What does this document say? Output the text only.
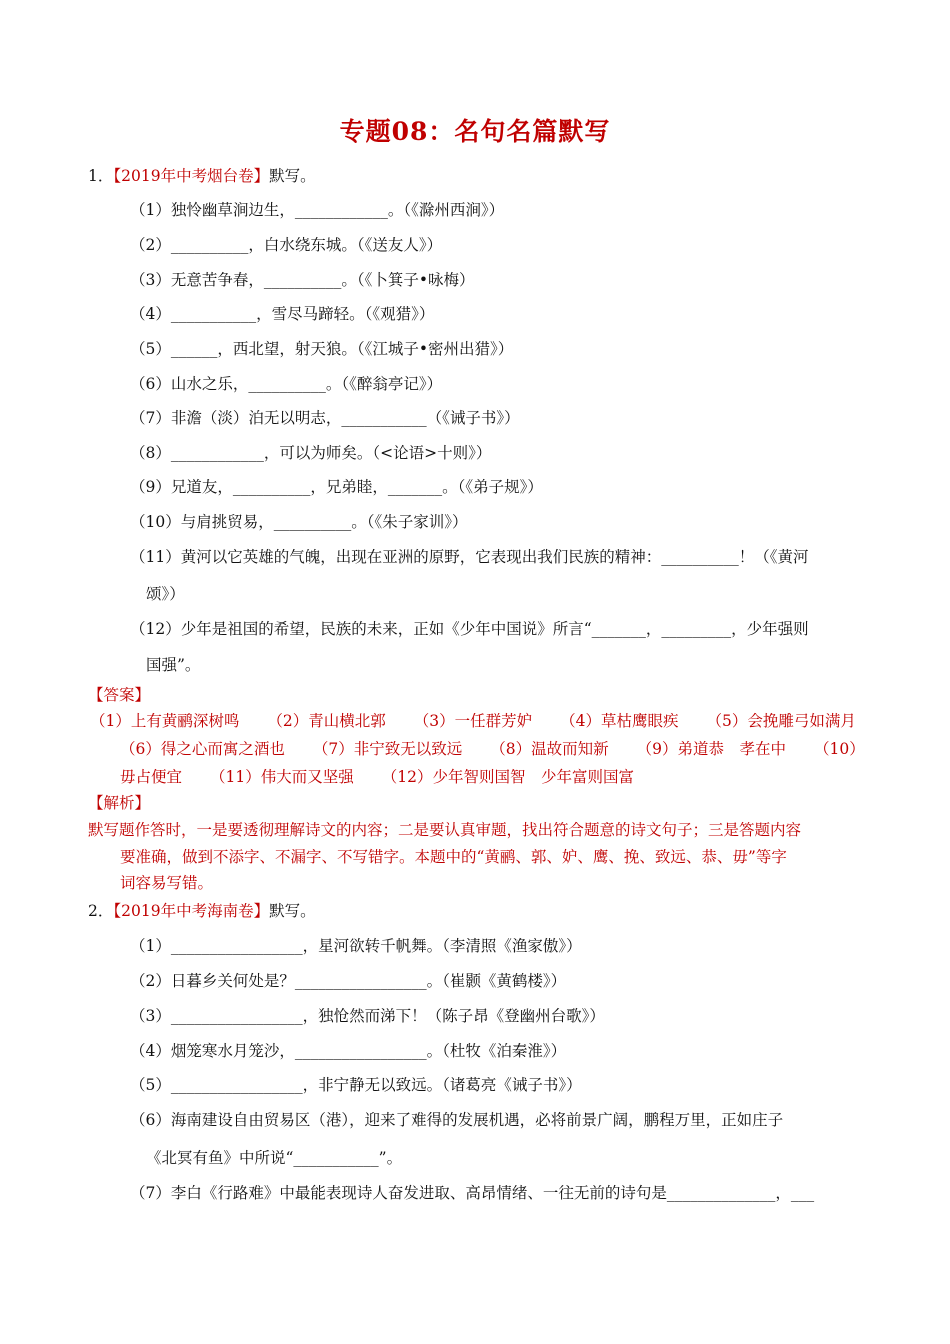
专题08：名句名篇默写
1．【2019年中考烟台卷】默写。
（1）独怜幽草涧边生，____________。（《滁州西涧》）
（2）__________，白水绕东城。（《送友人》）
（3）无意苦争春，__________。（《卜箕子•咏梅）
（4）___________，雪尽马蹄轻。（《观猎》）
（5）______，西北望，射天狼。（《江城子•密州出猎》）
（6）山水之乐，__________。（《醉翁亭记》）
（7）非澹（淡）泊无以明志，___________（《诫子书》）
（8）____________，可以为师矣。（<论语>十则》）
（9）兄道友，__________，兄弟睦，_______。（《弟子规》）
（10）与肩挑贸易，__________。（《朱子家训》）
（11）黄河以它英雄的气魄，出现在亚洲的原野，它表现出我们民族的精神：__________！（《黄河
颂》）
（12）少年是祖国的希望，民族的未来，正如《少年中国说》所言“_______，_________，少年强则
国强”。
【答案】
（1）上有黄鹂深树鸣 （2）青山横北郭 （3）一任群芳妒 （4）草枯鹰眼疾 （5）会挽雕弓如满月
（6）得之心而寓之酒也 （7）非宁致无以致远 （8）温故而知新 （9）弟道恭　孝在中 （10）
毋占便宜 （11）伟大而又坚强 （12）少年智则国智　少年富则国富
【解析】
默写题作答时，一是要透彻理解诗文的内容；二是要认真审题，找出符合题意的诗文句子；三是答题内容
要准确，做到不添字、不漏字、不写错字。本题中的“黄鹂、郭、妒、鹰、挽、致远、恭、毋”等字
词容易写错。
2．【2019年中考海南卷】默写。
（1）_________________，星河欲转千帆舞。（李清照《渔家傲》）
（2）日暮乡关何处是？_________________。（崔颢《黄鹤楼》）
（3）_________________，独怆然而涕下！（陈子昂《登幽州台歌》）
（4）烟笼寒水月笼沙，_________________。（杜牧《泊秦淮》）
（5）_________________，非宁静无以致远。（诸葛亮《诫子书》）
（6）海南建设自由贸易区（港），迎来了难得的发展机遇，必将前景广阔，鹏程万里，正如庄子
《北冥有鱼》中所说“___________”。
（7）李白《行路难》中最能表现诗人奋发进取、高昂情绪、一往无前的诗句是______________，___
